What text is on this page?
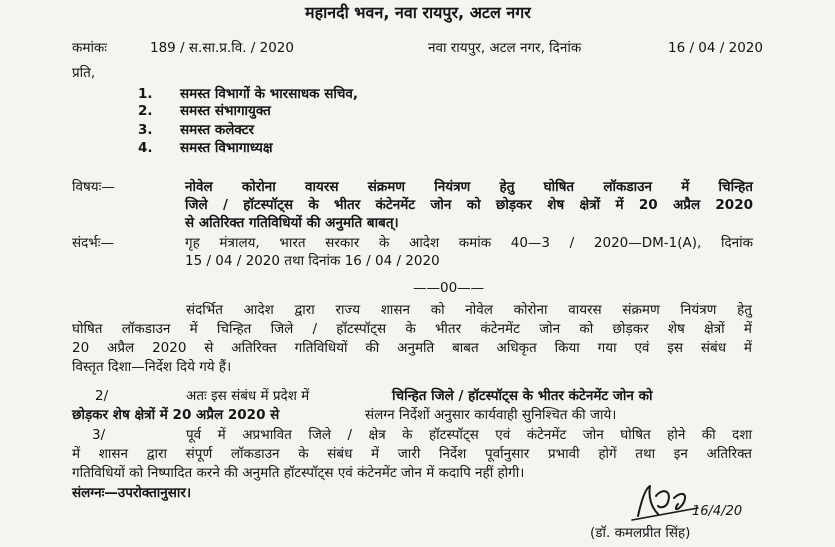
महानदी भवन, नवा रायपुर, अटल नगर
कमांकः	189 / स.सा.प्र.वि. / 2020	नवा रायपुर, अटल नगर, दिनांक	16 / 04 / 2020
प्रति,
1. समस्त विभागों के भारसाधक सचिव,
2. समस्त संभागायुक्त
3. समस्त कलेक्टर
4. समस्त विभागाध्यक्ष
विषयः—	नोवेल कोरोना वायरस संक्रमण नियंत्रण हेतु घोषित लॉकडाउन में चिन्हित
जिले / हॉटस्पॉट्स के भीतर कंटेनमेंट जोन को छोड़कर शेष क्षेत्रों में 20 अप्रैल 2020
से अतिरिक्त गतिविधियों की अनुमति बाबत्।
संदर्भः—	गृह मंत्रालय, भारत सरकार के आदेश कमांक 40—3 / 2020—DM-1(A), दिनांक
15 / 04 / 2020 तथा दिनांक 16 / 04 / 2020
——00——
संदर्भित आदेश द्वारा राज्य शासन को नोवेल कोरोना वायरस संक्रमण नियंत्रण हेतु
घोषित लॉकडाउन में चिन्हित जिले / हॉटस्पॉट्स के भीतर कंटेनमेंट जोन को छोड़कर शेष क्षेत्रों में
20 अप्रैल 2020 से अतिरिक्त गतिविधियों की अनुमति बाबत अधिकृत किया गया एवं इस संबंध में
विस्तृत दिशा—निर्देश दिये गये हैं।
2/	अतः इस संबंध में प्रदेश में	चिन्हित जिले / हॉटस्पॉट्स के भीतर कंटेनमेंट जोन को
छोड़कर शेष क्षेत्रों में 20 अप्रैल 2020 से	संलग्न निर्देशों अनुसार कार्यवाही सुनिश्चित की जाये।
3/	पूर्व में अप्रभावित जिले / क्षेत्र के हॉटस्पॉट्स एवं कंटेनमेंट जोन घोषित होने की दशा
में शासन द्वारा संपूर्ण लॉकडाउन के संबंध में जारी निर्देश पूर्वानुसार प्रभावी होगें तथा इन अतिरिक्त
गतिविधियों को निष्पादित करने की अनुमति हॉटस्पॉट्स एवं कंटेनमेंट जोन में कदापि नहीं होगी।
संलग्नः—उपरोक्तानुसार।
16/4/20
(डॉ. कमलप्रीत सिंह)
